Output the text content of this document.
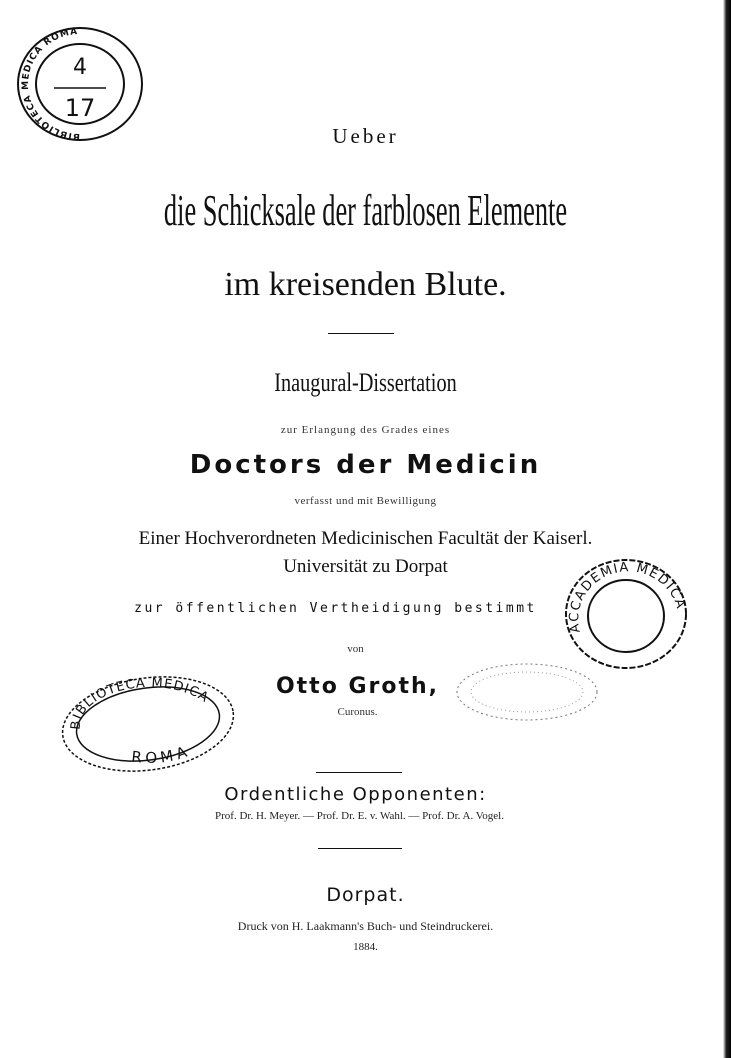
BIBLIOTECA MEDICA ROMA
4
17
Ueber
die Schicksale der farblosen Elemente
im kreisenden Blute.
Inaugural-Dissertation
zur Erlangung des Grades eines
Doctors der Medicin
verfasst und mit Bewilligung
Einer Hochverordneten Medicinischen Facultät der Kaiserl.
Universität zu Dorpat
zur öffentlichen Vertheidigung bestimmt
von
Otto Groth,
Curonus.
Ordentliche Opponenten:
Prof. Dr. H. Meyer. — Prof. Dr. E. v. Wahl. — Prof. Dr. A. Vogel.
Dorpat.
Druck von H. Laakmann's Buch- und Steindruckerei.
1884.
BIBLIOTECA MEDICA
ROMA
ACCADEMIA MEDICA
